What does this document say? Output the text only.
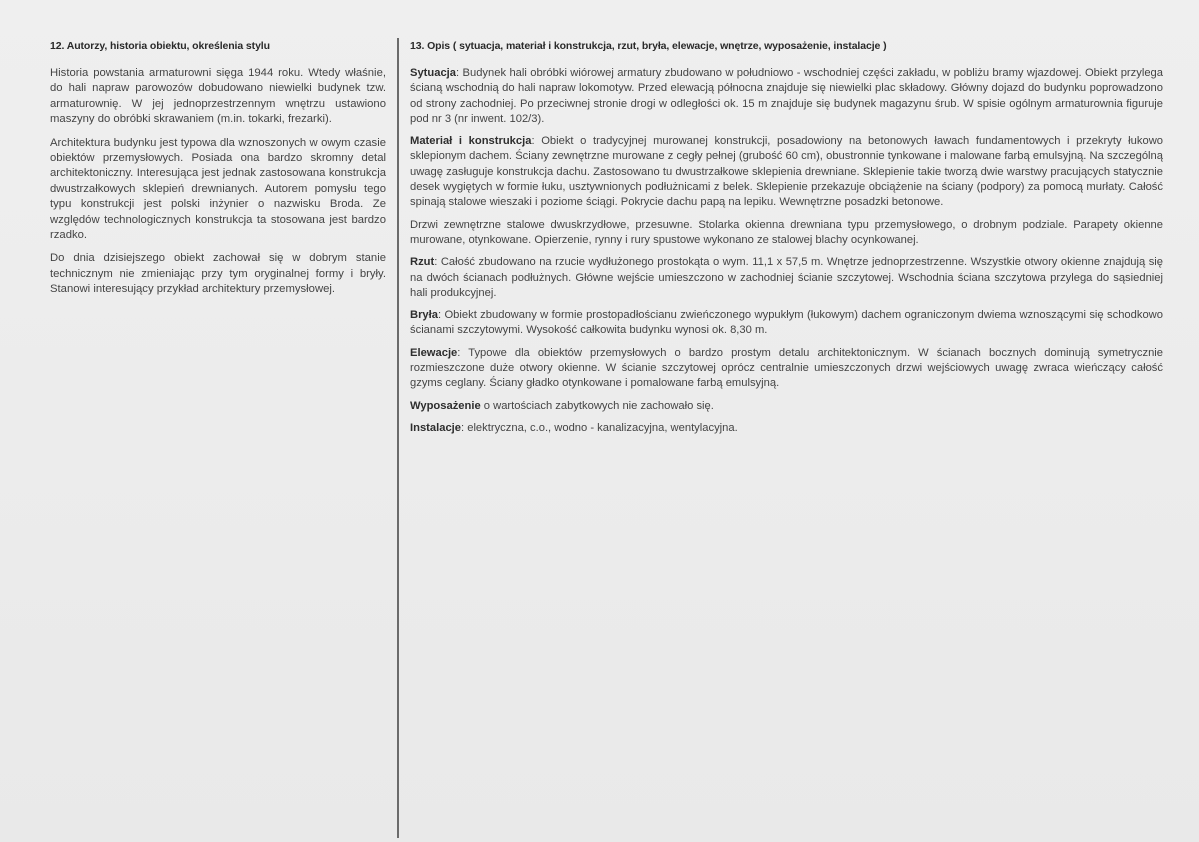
12. Autorzy, historia obiektu, określenia stylu

Historia powstania armaturowni sięga 1944 roku. Wtedy właśnie, do hali napraw parowozów dobudowano niewielki budynek tzw. armaturownię. W jej jednoprzestrzennym wnętrzu ustawiono maszyny do obróbki skrawaniem (m.in. tokarki, frezarki).

Architektura budynku jest typowa dla wznoszonych w owym czasie obiektów przemysłowych. Posiada ona bardzo skromny detal architektoniczny. Interesująca jest jednak zastosowana konstrukcja dwustrzałkowych sklepień drewnianych. Autorem pomysłu tego typu konstrukcji jest polski inżynier o nazwisku Broda. Ze względów technologicznych konstrukcja ta stosowana jest bardzo rzadko.

Do dnia dzisiejszego obiekt zachował się w dobrym stanie technicznym nie zmieniając przy tym oryginalnej formy i bryły. Stanowi interesujący przykład architektury przemysłowej.

13. Opis ( sytuacja, materiał i konstrukcja, rzut, bryła, elewacje, wnętrze, wyposażenie, instalacje )

Sytuacja: Budynek hali obróbki wiórowej armatury zbudowano w południowo - wschodniej części zakładu, w pobliżu bramy wjazdowej. Obiekt przylega ścianą wschodnią do hali napraw lokomotyw. Przed elewacją północna znajduje się niewielki plac składowy. Główny dojazd do budynku poprowadzono od strony zachodniej. Po przeciwnej stronie drogi w odległości ok. 15 m znajduje się budynek magazynu śrub. W spisie ogólnym armaturownia figuruje pod nr 3 (nr inwent. 102/3).

Materiał i konstrukcja: Obiekt o tradycyjnej murowanej konstrukcji, posadowiony na betonowych ławach fundamentowych i przekryty łukowo sklepionym dachem. Ściany zewnętrzne murowane z cegły pełnej (grubość 60 cm), obustronnie tynkowane i malowane farbą emulsyjną. Na szczególną uwagę zasługuje konstrukcja dachu. Zastosowano tu dwustrzałkowe sklepienia drewniane. Sklepienie takie tworzą dwie warstwy pracujących statycznie desek wygiętych w formie łuku, usztywnionych podłużnicami z belek. Sklepienie przekazuje obciążenie na ściany (podpory) za pomocą murłaty. Całość spinają stalowe wieszaki i poziome ściągi. Pokrycie dachu papą na lepiku. Wewnętrzne posadzki betonowe.

Drzwi zewnętrzne stalowe dwuskrzydłowe, przesuwne. Stolarka okienna drewniana typu przemysłowego, o drobnym podziale. Parapety okienne murowane, otynkowane. Opierzenie, rynny i rury spustowe wykonano ze stalowej blachy ocynkowanej.

Rzut: Całość zbudowano na rzucie wydłużonego prostokąta o wym. 11,1 x 57,5 m. Wnętrze jednoprzestrzenne. Wszystkie otwory okienne znajdują się na dwóch ścianach podłużnych. Główne wejście umieszczono w zachodniej ścianie szczytowej. Wschodnia ściana szczytowa przylega do sąsiedniej hali produkcyjnej.

Bryła: Obiekt zbudowany w formie prostopadłościanu zwieńczonego wypukłym (łukowym) dachem ograniczonym dwiema wznoszącymi się schodkowo ścianami szczytowymi. Wysokość całkowita budynku wynosi ok. 8,30 m.

Elewacje: Typowe dla obiektów przemysłowych o bardzo prostym detalu architektonicznym. W ścianach bocznych dominują symetrycznie rozmieszczone duże otwory okienne. W ścianie szczytowej oprócz centralnie umieszczonych drzwi wejściowych uwagę zwraca wieńczący całość gzyms ceglany. Ściany gładko otynkowane i pomalowane farbą emulsyjną.

Wyposażenie o wartościach zabytkowych nie zachowało się.

Instalacje: elektryczna, c.o., wodno - kanalizacyjna, wentylacyjna.
